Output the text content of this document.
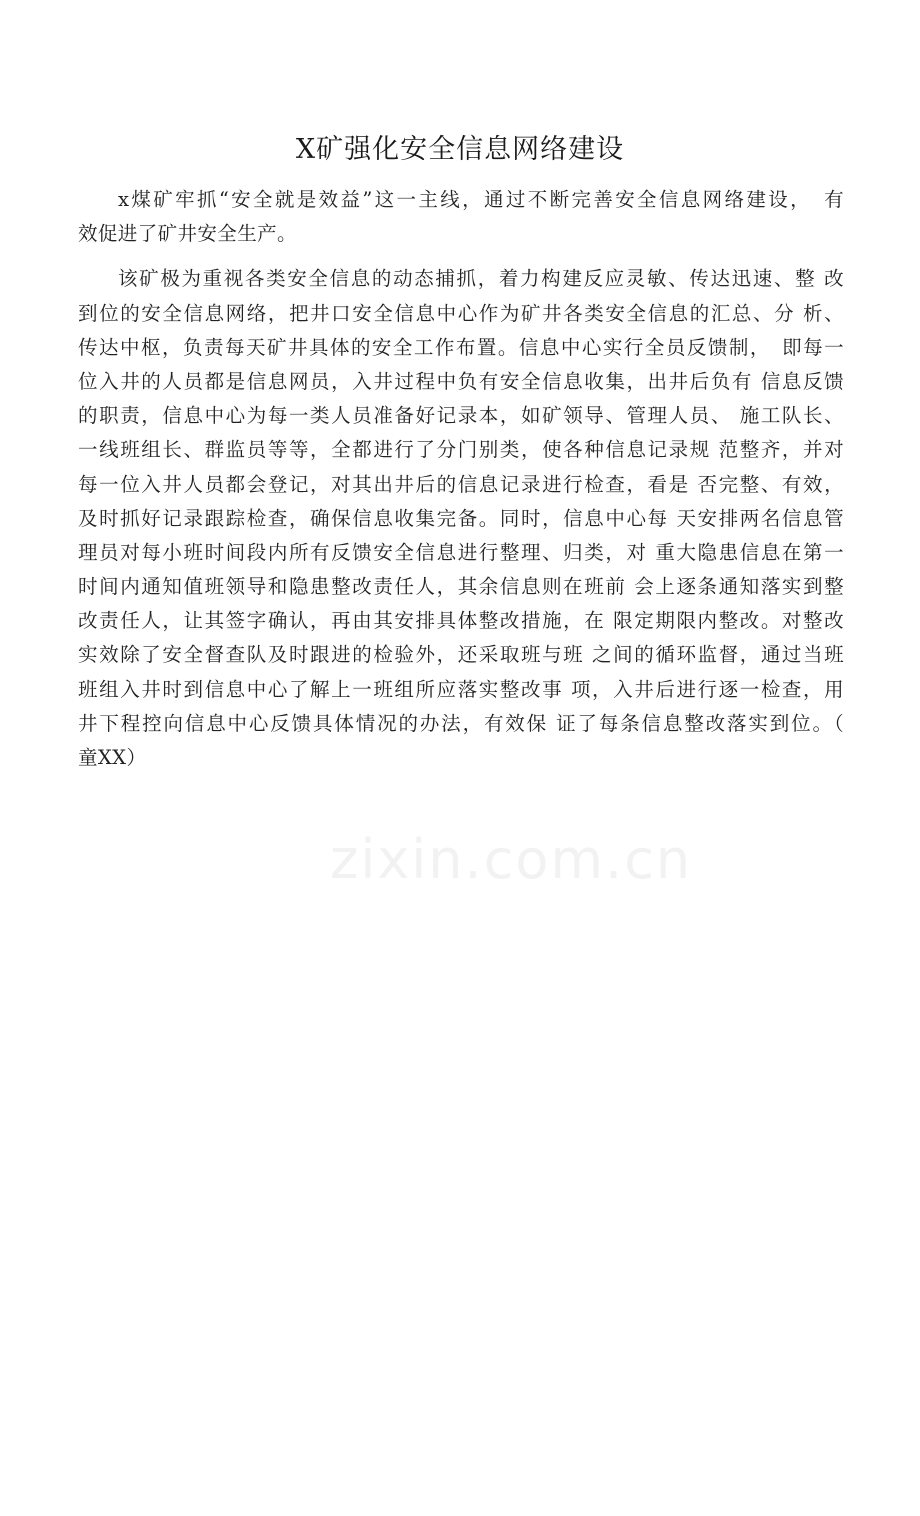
zixin.com.cn
X矿强化安全信息网络建设
x煤矿牢抓“安全就是效益”这一主线，通过不断完善安全信息网络建设，　有
效促进了矿井安全生产。
该矿极为重视各类安全信息的动态捕抓，着力构建反应灵敏、传达迅速、整 改
到位的安全信息网络，把井口安全信息中心作为矿井各类安全信息的汇总、分 析、
传达中枢，负责每天矿井具体的安全工作布置。信息中心实行全员反馈制，　即每一
位入井的人员都是信息网员，入井过程中负有安全信息收集，出井后负有 信息反馈
的职责，信息中心为每一类人员准备好记录本，如矿领导、管理人员、 施工队长、
一线班组长、群监员等等，全都进行了分门别类，使各种信息记录规 范整齐，并对
每一位入井人员都会登记，对其出井后的信息记录进行检查，看是 否完整、有效，
及时抓好记录跟踪检查，确保信息收集完备。同时，信息中心每 天安排两名信息管
理员对每小班时间段内所有反馈安全信息进行整理、归类，对 重大隐患信息在第一
时间内通知值班领导和隐患整改责任人，其余信息则在班前 会上逐条通知落实到整
改责任人，让其签字确认，再由其安排具体整改措施，在 限定期限内整改。对整改
实效除了安全督查队及时跟进的检验外，还采取班与班 之间的循环监督，通过当班
班组入井时到信息中心了解上一班组所应落实整改事 项，入井后进行逐一检查，用
井下程控向信息中心反馈具体情况的办法，有效保 证了每条信息整改落实到位。（
童XX）
